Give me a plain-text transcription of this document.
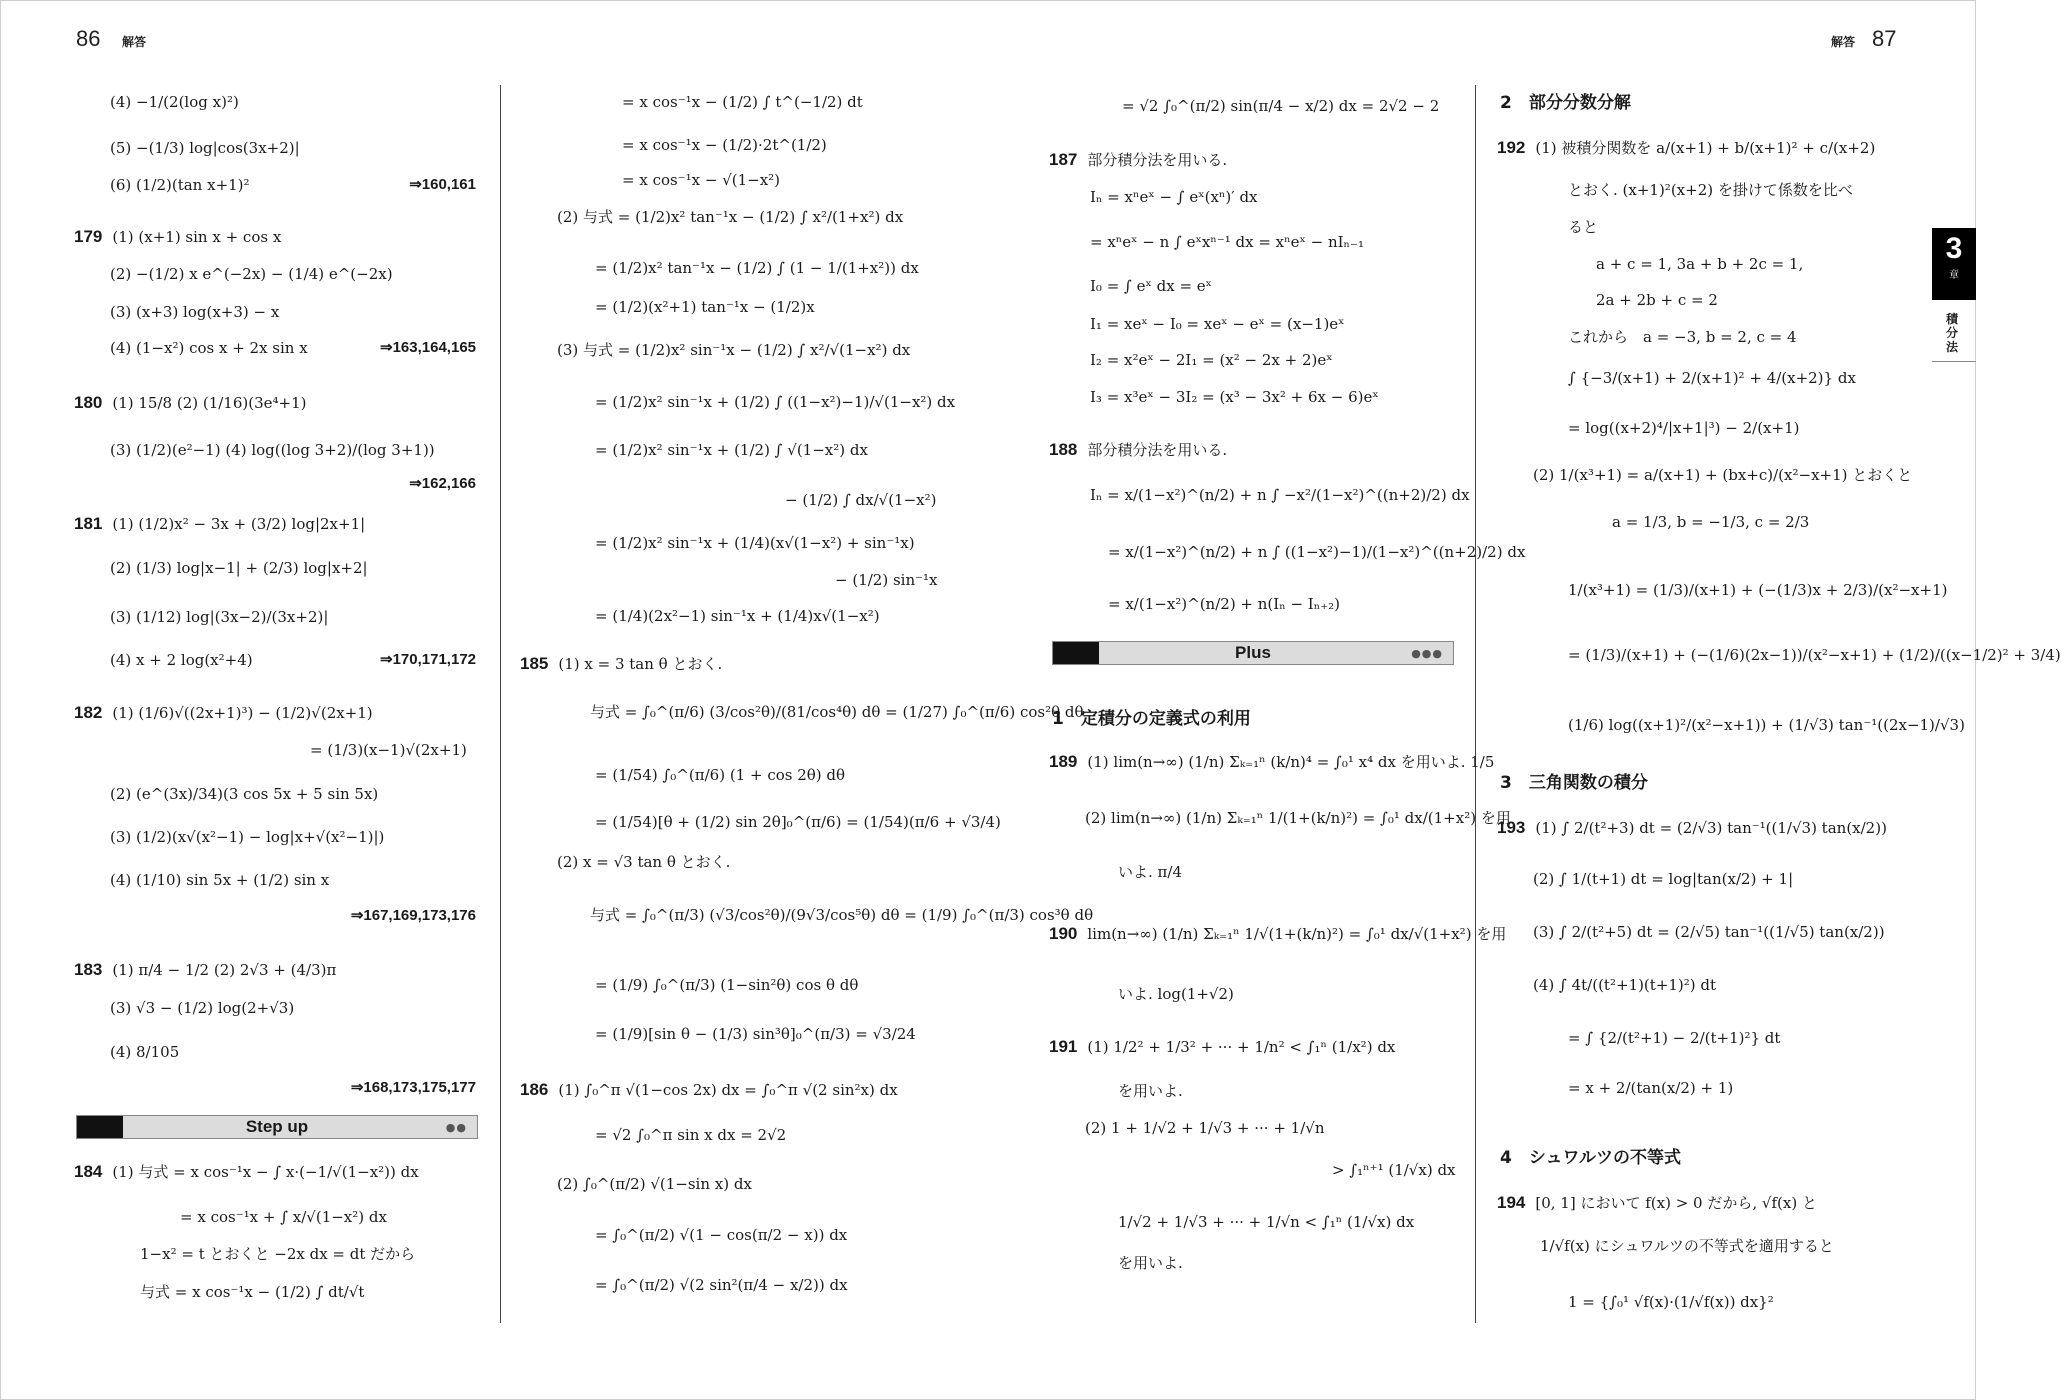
86 解答	解答 87
3
章
積分法
(4) −1/(2(log x)²)
(5) −(1/3) log|cos(3x+2)|
(6) (1/2)(tan x+1)²	⇒160,161
179 (1) (x+1) sin x + cos x
(2) −(1/2) x e^(−2x) − (1/4) e^(−2x)
(3) (x+3) log(x+3) − x
(4) (1−x²) cos x + 2x sin x	⇒163,164,165
180 (1) 15/8 (2) (1/16)(3e⁴+1)
(3) (1/2)(e²−1) (4) log((log 3+2)/(log 3+1))
⇒162,166
181 (1) (1/2)x² − 3x + (3/2) log|2x+1|
(2) (1/3) log|x−1| + (2/3) log|x+2|
(3) (1/12) log|(3x−2)/(3x+2)|
(4) x + 2 log(x²+4)	⇒170,171,172
182 (1) (1/6)√((2x+1)³) − (1/2)√(2x+1)
= (1/3)(x−1)√(2x+1)
(2) (e^(3x)/34)(3 cos 5x + 5 sin 5x)
(3) (1/2)(x√(x²−1) − log|x+√(x²−1)|)
(4) (1/10) sin 5x + (1/2) sin x
⇒167,169,173,176
183 (1) π/4 − 1/2 (2) 2√3 + (4/3)π
(3) √3 − (1/2) log(2+√3)
(4) 8/105
⇒168,173,175,177
Step up	●●
184 (1) 与式 = x cos⁻¹x − ∫ x·(−1/√(1−x²)) dx
= x cos⁻¹x + ∫ x/√(1−x²) dx
1−x² = t とおくと −2x dx = dt だから
与式 = x cos⁻¹x − (1/2) ∫ dt/√t
= x cos⁻¹x − (1/2) ∫ t^(−1/2) dt
= x cos⁻¹x − (1/2)·2t^(1/2)
= x cos⁻¹x − √(1−x²)
(2) 与式 = (1/2)x² tan⁻¹x − (1/2) ∫ x²/(1+x²) dx
= (1/2)x² tan⁻¹x − (1/2) ∫ (1 − 1/(1+x²)) dx
= (1/2)(x²+1) tan⁻¹x − (1/2)x
(3) 与式 = (1/2)x² sin⁻¹x − (1/2) ∫ x²/√(1−x²) dx
= (1/2)x² sin⁻¹x + (1/2) ∫ ((1−x²)−1)/√(1−x²) dx
= (1/2)x² sin⁻¹x + (1/2) ∫ √(1−x²) dx
− (1/2) ∫ dx/√(1−x²)
= (1/2)x² sin⁻¹x + (1/4)(x√(1−x²) + sin⁻¹x)
− (1/2) sin⁻¹x
= (1/4)(2x²−1) sin⁻¹x + (1/4)x√(1−x²)
185 (1) x = 3 tan θ とおく.
与式 = ∫₀^(π/6) (3/cos²θ)/(81/cos⁴θ) dθ = (1/27) ∫₀^(π/6) cos²θ dθ
= (1/54) ∫₀^(π/6) (1 + cos 2θ) dθ
= (1/54)[θ + (1/2) sin 2θ]₀^(π/6) = (1/54)(π/6 + √3/4)
(2) x = √3 tan θ とおく.
与式 = ∫₀^(π/3) (√3/cos²θ)/(9√3/cos⁵θ) dθ = (1/9) ∫₀^(π/3) cos³θ dθ
= (1/9) ∫₀^(π/3) (1−sin²θ) cos θ dθ
= (1/9)[sin θ − (1/3) sin³θ]₀^(π/3) = √3/24
186 (1) ∫₀^π √(1−cos 2x) dx = ∫₀^π √(2 sin²x) dx
= √2 ∫₀^π sin x dx = 2√2
(2) ∫₀^(π/2) √(1−sin x) dx
= ∫₀^(π/2) √(1 − cos(π/2 − x)) dx
= ∫₀^(π/2) √(2 sin²(π/4 − x/2)) dx
= √2 ∫₀^(π/2) sin(π/4 − x/2) dx = 2√2 − 2
187 部分積分法を用いる.
Iₙ = xⁿeˣ − ∫ eˣ(xⁿ)′ dx
= xⁿeˣ − n ∫ eˣxⁿ⁻¹ dx = xⁿeˣ − nIₙ₋₁
I₀ = ∫ eˣ dx = eˣ
I₁ = xeˣ − I₀ = xeˣ − eˣ = (x−1)eˣ
I₂ = x²eˣ − 2I₁ = (x² − 2x + 2)eˣ
I₃ = x³eˣ − 3I₂ = (x³ − 3x² + 6x − 6)eˣ
188 部分積分法を用いる.
Iₙ = x/(1−x²)^(n/2) + n ∫ −x²/(1−x²)^((n+2)/2) dx
= x/(1−x²)^(n/2) + n ∫ ((1−x²)−1)/(1−x²)^((n+2)/2) dx
= x/(1−x²)^(n/2) + n(Iₙ − Iₙ₊₂)
Plus	●●●
1　定積分の定義式の利用
189 (1) lim(n→∞) (1/n) Σₖ₌₁ⁿ (k/n)⁴ = ∫₀¹ x⁴ dx を用いよ. 1/5
(2) lim(n→∞) (1/n) Σₖ₌₁ⁿ 1/(1+(k/n)²) = ∫₀¹ dx/(1+x²) を用
いよ. π/4
190 lim(n→∞) (1/n) Σₖ₌₁ⁿ 1/√(1+(k/n)²) = ∫₀¹ dx/√(1+x²) を用
いよ. log(1+√2)
191 (1) 1/2² + 1/3² + ··· + 1/n² < ∫₁ⁿ (1/x²) dx
を用いよ.
(2) 1 + 1/√2 + 1/√3 + ··· + 1/√n
> ∫₁ⁿ⁺¹ (1/√x) dx
1/√2 + 1/√3 + ··· + 1/√n < ∫₁ⁿ (1/√x) dx
を用いよ.
2　部分分数分解
192 (1) 被積分関数を a/(x+1) + b/(x+1)² + c/(x+2)
とおく. (x+1)²(x+2) を掛けて係数を比べ
ると
a + c = 1, 3a + b + 2c = 1,
2a + 2b + c = 2
これから　a = −3, b = 2, c = 4
∫ {−3/(x+1) + 2/(x+1)² + 4/(x+2)} dx
= log((x+2)⁴/|x+1|³) − 2/(x+1)
(2) 1/(x³+1) = a/(x+1) + (bx+c)/(x²−x+1) とおくと
a = 1/3, b = −1/3, c = 2/3
1/(x³+1) = (1/3)/(x+1) + (−(1/3)x + 2/3)/(x²−x+1)
= (1/3)/(x+1) + (−(1/6)(2x−1))/(x²−x+1) + (1/2)/((x−1/2)² + 3/4)
(1/6) log((x+1)²/(x²−x+1)) + (1/√3) tan⁻¹((2x−1)/√3)
3　三角関数の積分
193 (1) ∫ 2/(t²+3) dt = (2/√3) tan⁻¹((1/√3) tan(x/2))
(2) ∫ 1/(t+1) dt = log|tan(x/2) + 1|
(3) ∫ 2/(t²+5) dt = (2/√5) tan⁻¹((1/√5) tan(x/2))
(4) ∫ 4t/((t²+1)(t+1)²) dt
= ∫ {2/(t²+1) − 2/(t+1)²} dt
= x + 2/(tan(x/2) + 1)
4　シュワルツの不等式
194 [0, 1] において f(x) > 0 だから, √f(x) と
1/√f(x) にシュワルツの不等式を適用すると
1 = {∫₀¹ √f(x)·(1/√f(x)) dx}²
